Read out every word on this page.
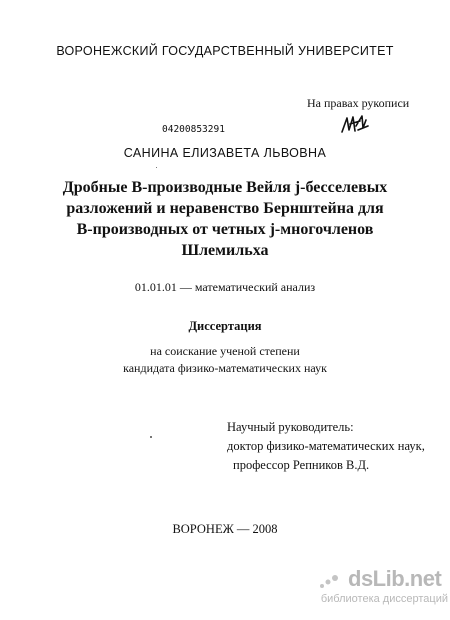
ВОРОНЕЖСКИЙ ГОСУДАРСТВЕННЫЙ УНИВЕРСИТЕТ
На правах рукописи
04200853291
САНИНА ЕЛИЗАВЕТА ЛЬВОВНА
Дробные B-производные Вейля j-бесселевых
разложений и неравенство Бернштейна для
B-производных от четных j-многочленов
Шлемильха
01.01.01 — математический анализ
Диссертация
на соискание ученой степени
кандидата физико-математических наук
Научный руководитель:
доктор физико-математических наук,
профессор Репников В.Д.
ВОРОНЕЖ — 2008
dsLib.net
библиотека диссертаций
